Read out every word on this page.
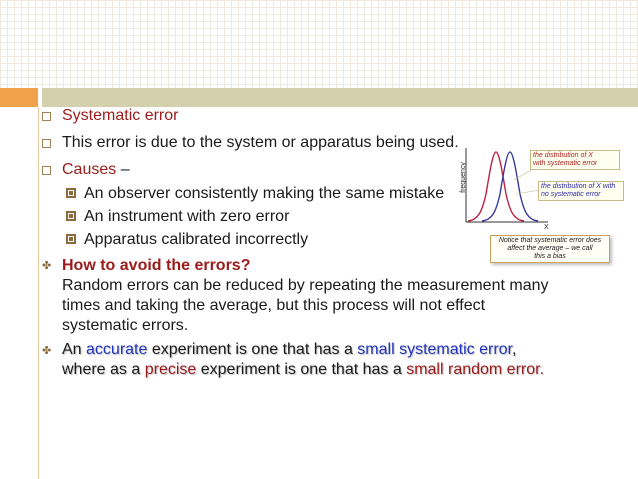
Systematic error
This error is due to the system or apparatus being used.
Causes –
An observer consistently making the same mistake
An instrument with zero error
Apparatus calibrated incorrectly
✤ How to avoid the errors?
Random errors can be reduced by repeating the measurement many
times and taking the average, but this process will not effect
systematic errors.
✤ An accurate experiment is one that has a small systematic error,
where as a precise experiment is one that has a small random error.
frequency
X
the distribution of X
with systematic error
the distribution of X with
no systematic error
Notice that systematic error does
affect the average – we call
this a bias
